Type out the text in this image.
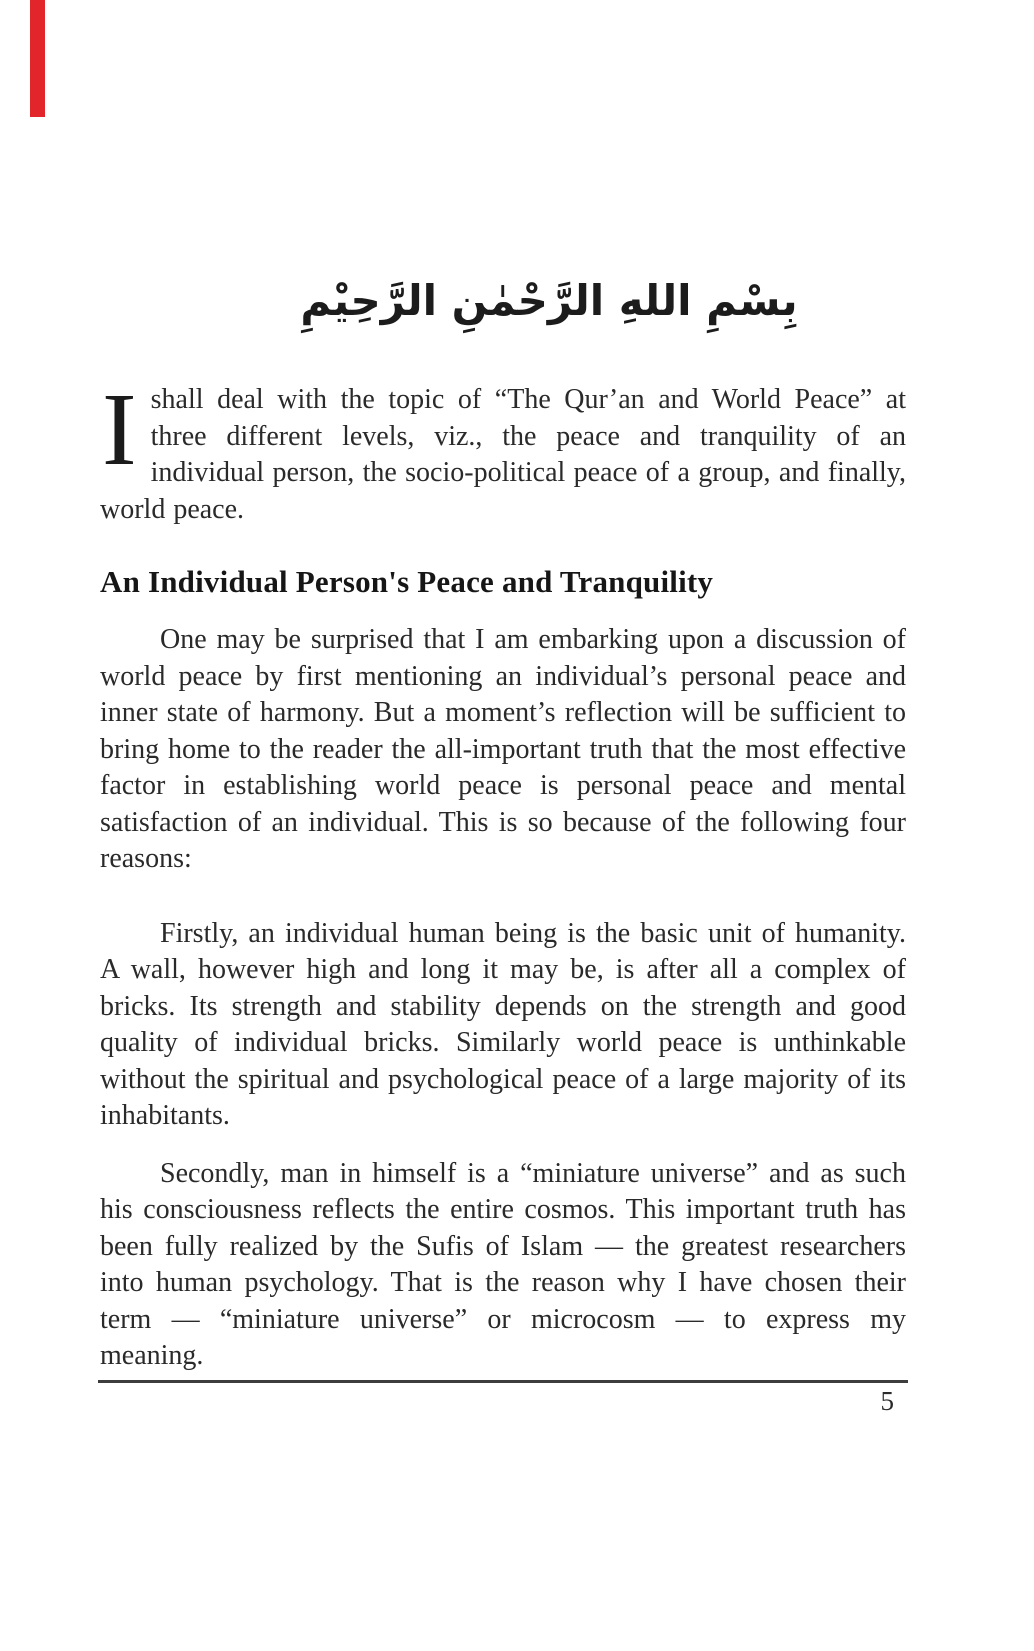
بِسْمِ اللهِ الرَّحْمٰنِ الرَّحِيْمِ

Ishall deal with the topic of “The Qur’an and World Peace” at three different levels, viz., the peace and tranquility of an individual person, the socio-political peace of a group, and finally, world peace.

An Individual Person's Peace and Tranquility

One may be surprised that I am embarking upon a discussion of world peace by first mentioning an individual’s personal peace and inner state of harmony. But a moment’s reflection will be sufficient to bring home to the reader the all-important truth that the most effective factor in establishing world peace is personal peace and mental satisfaction of an individual. This is so because of the following four reasons:

Firstly, an individual human being is the basic unit of humanity. A wall, however high and long it may be, is after all a complex of bricks. Its strength and stability depends on the strength and good quality of individual bricks. Similarly world peace is unthinkable without the spiritual and psychological peace of a large majority of its inhabitants.

Secondly, man in himself is a “miniature universe” and as such his consciousness reflects the entire cosmos. This important truth has been fully realized by the Sufis of Islam — the greatest researchers into human psychology. That is the reason why I have chosen their term — “miniature universe” or microcosm — to express my meaning.

5
